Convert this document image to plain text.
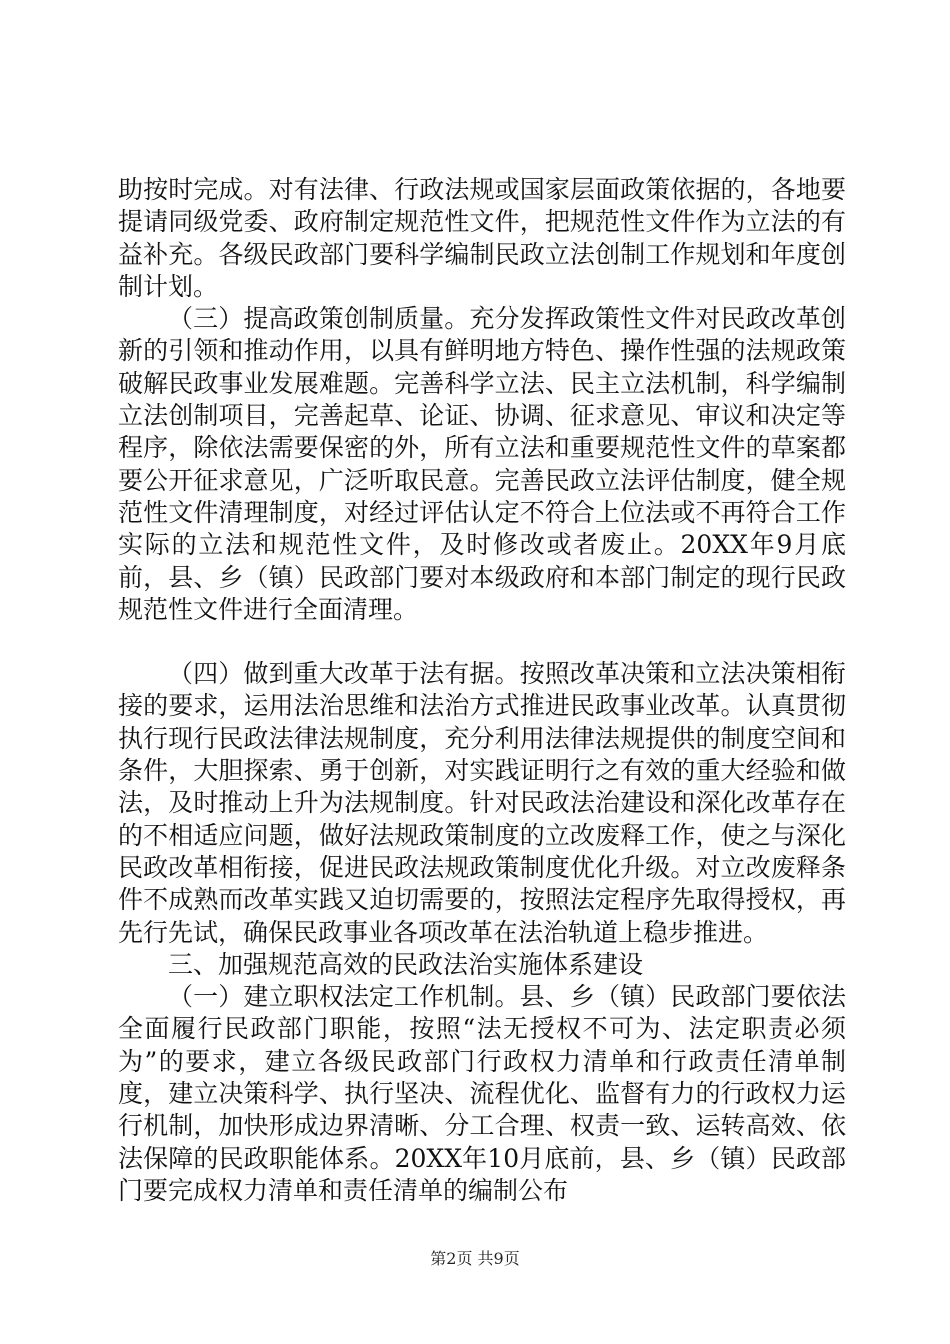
助按时完成。对有法律、行政法规或国家层面政策依据的，各地要提请同级党委、政府制定规范性文件，把规范性文件作为立法的有益补充。各级民政部门要科学编制民政立法创制工作规划和年度创制计划。

（三）提高政策创制质量。充分发挥政策性文件对民政改革创新的引领和推动作用，以具有鲜明地方特色、操作性强的法规政策破解民政事业发展难题。完善科学立法、民主立法机制，科学编制立法创制项目，完善起草、论证、协调、征求意见、审议和决定等程序，除依法需要保密的外，所有立法和重要规范性文件的草案都要公开征求意见，广泛听取民意。完善民政立法评估制度，健全规范性文件清理制度，对经过评估认定不符合上位法或不再符合工作实际的立法和规范性文件，及时修改或者废止。20XX年9月底前，县、乡（镇）民政部门要对本级政府和本部门制定的现行民政规范性文件进行全面清理。

（四）做到重大改革于法有据。按照改革决策和立法决策相衔接的要求，运用法治思维和法治方式推进民政事业改革。认真贯彻执行现行民政法律法规制度，充分利用法律法规提供的制度空间和条件，大胆探索、勇于创新，对实践证明行之有效的重大经验和做法，及时推动上升为法规制度。针对民政法治建设和深化改革存在的不相适应问题，做好法规政策制度的立改废释工作，使之与深化民政改革相衔接，促进民政法规政策制度优化升级。对立改废释条件不成熟而改革实践又迫切需要的，按照法定程序先取得授权，再先行先试，确保民政事业各项改革在法治轨道上稳步推进。

三、加强规范高效的民政法治实施体系建设

（一）建立职权法定工作机制。县、乡（镇）民政部门要依法全面履行民政部门职能，按照“法无授权不可为、法定职责必须为”的要求，建立各级民政部门行政权力清单和行政责任清单制度，建立决策科学、执行坚决、流程优化、监督有力的行政权力运行机制，加快形成边界清晰、分工合理、权责一致、运转高效、依法保障的民政职能体系。20XX年10月底前，县、乡（镇）民政部门要完成权力清单和责任清单的编制公布

第2页 共9页
